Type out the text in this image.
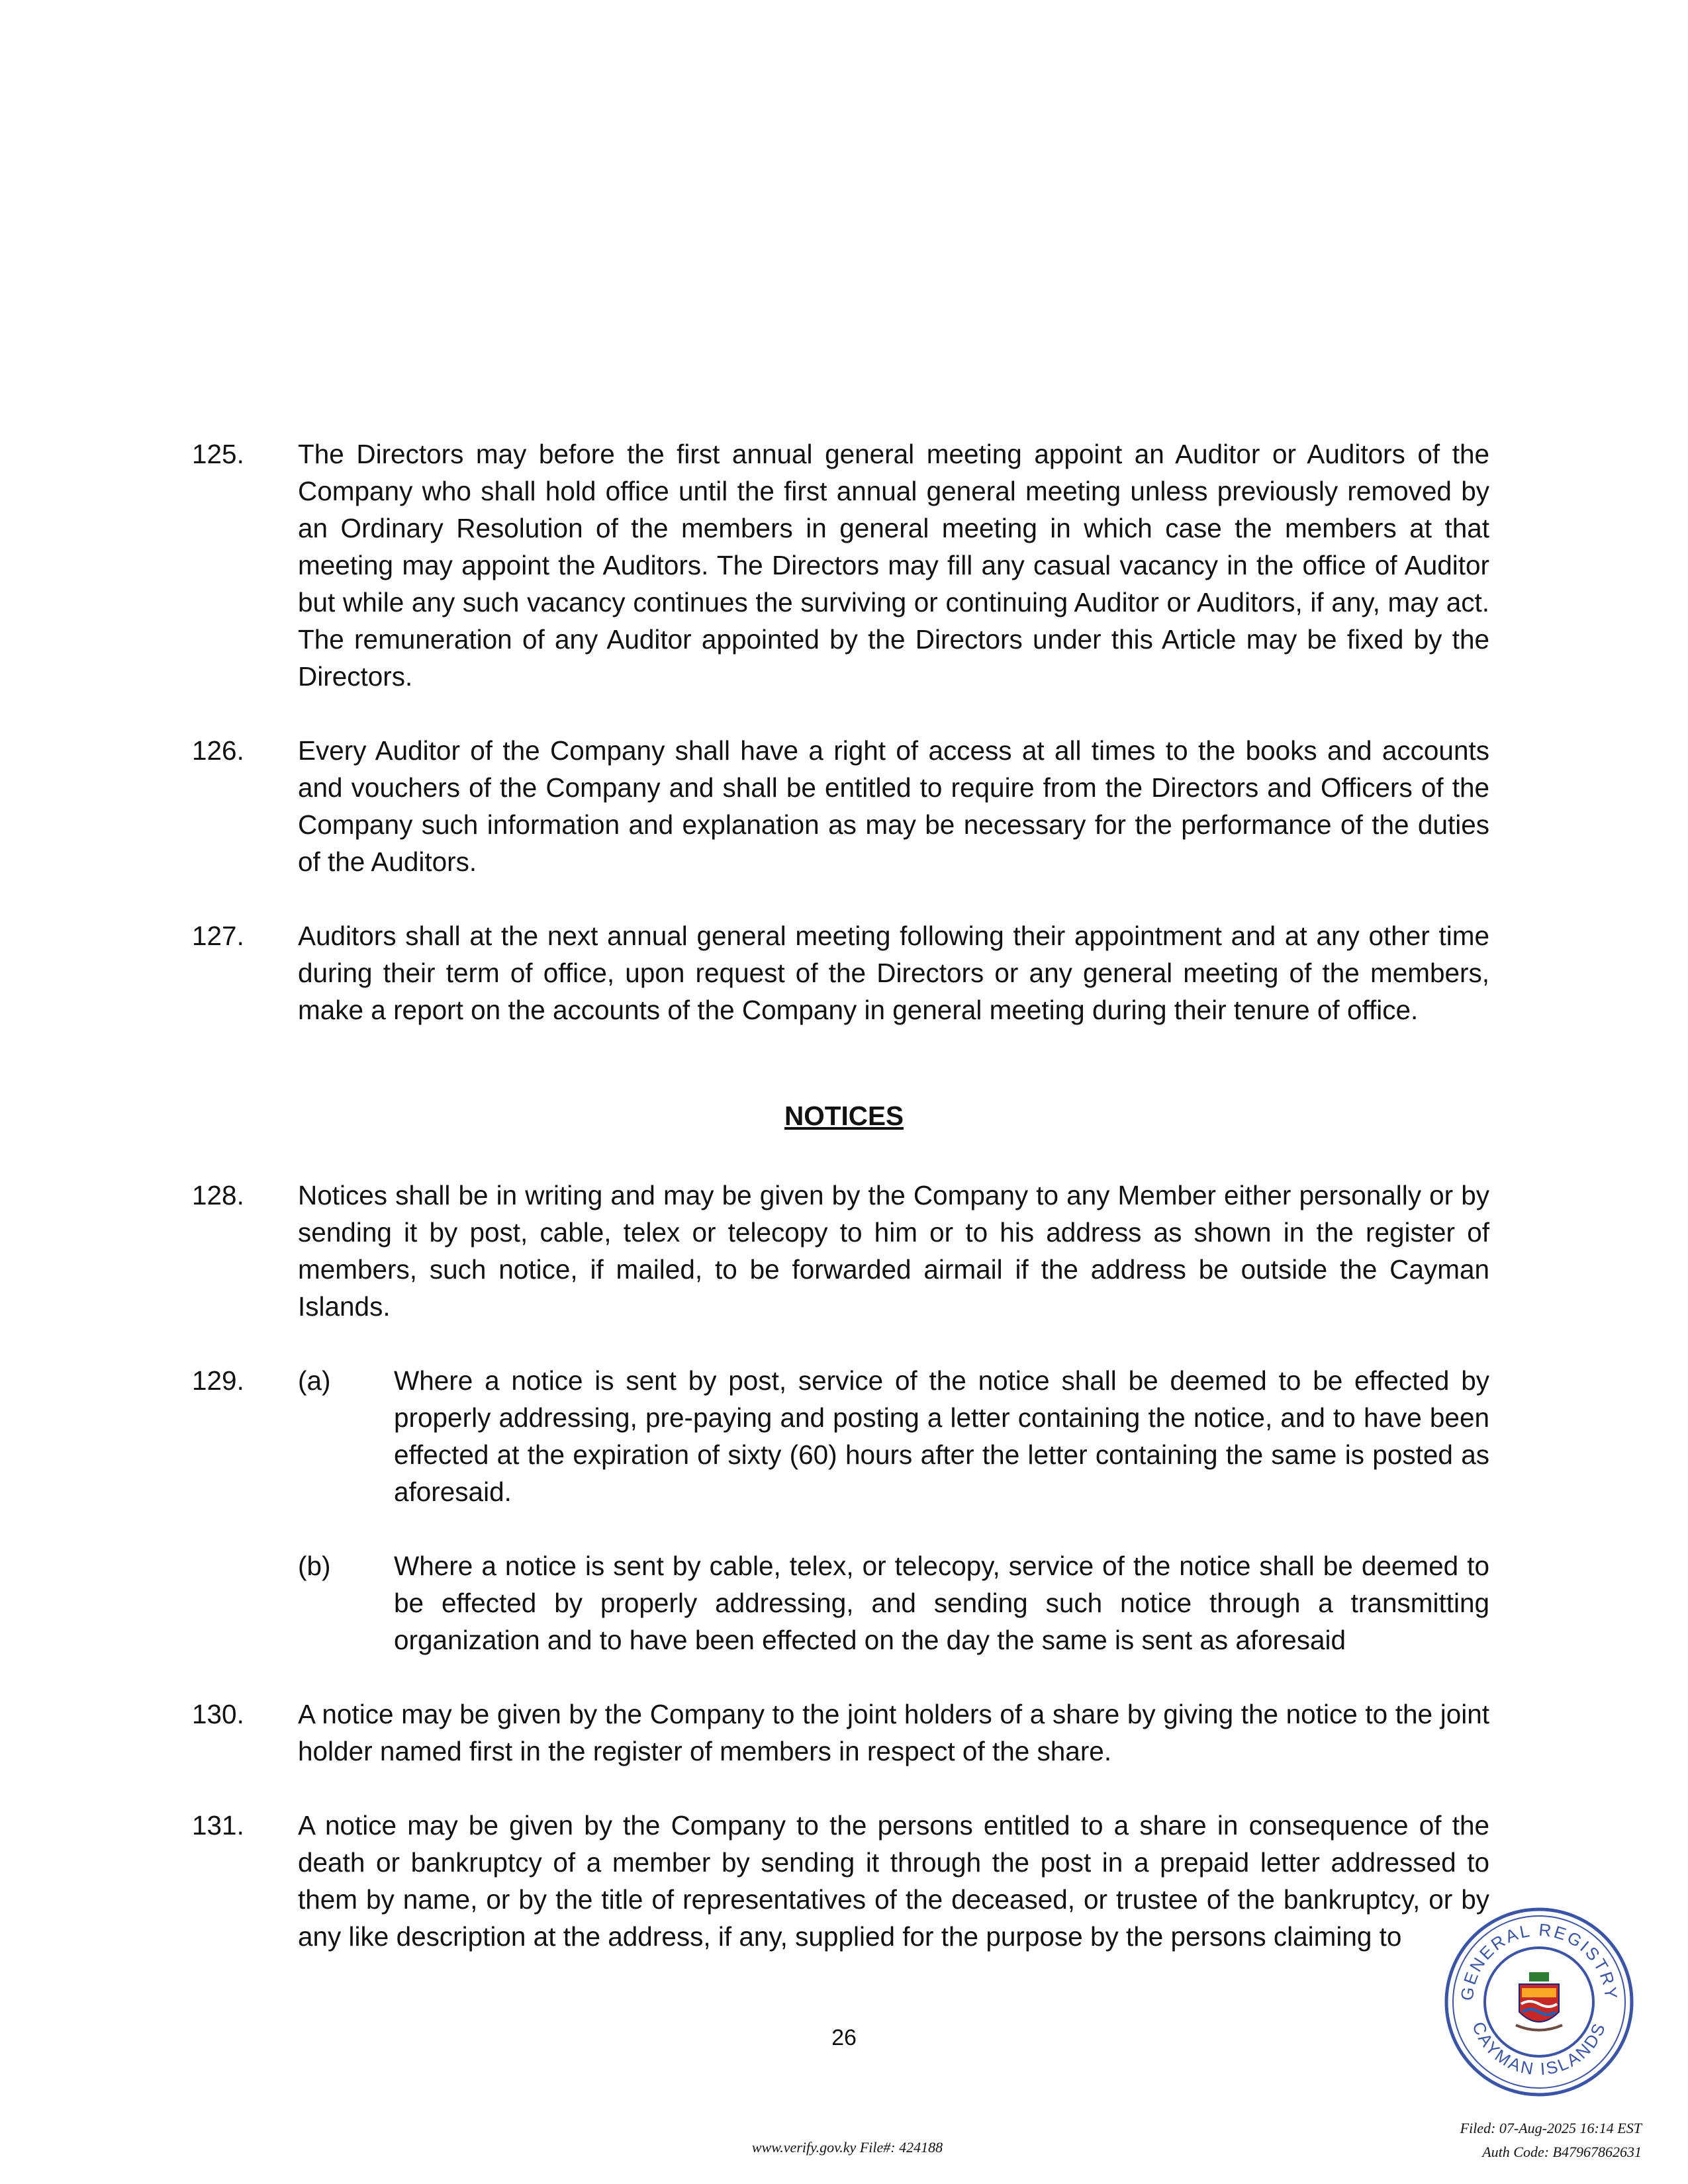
125. The Directors may before the first annual general meeting appoint an Auditor or Auditors of the Company who shall hold office until the first annual general meeting unless previously removed by an Ordinary Resolution of the members in general meeting in which case the members at that meeting may appoint the Auditors. The Directors may fill any casual vacancy in the office of Auditor but while any such vacancy continues the surviving or continuing Auditor or Auditors, if any, may act. The remuneration of any Auditor appointed by the Directors under this Article may be fixed by the Directors.
126. Every Auditor of the Company shall have a right of access at all times to the books and accounts and vouchers of the Company and shall be entitled to require from the Directors and Officers of the Company such information and explanation as may be necessary for the performance of the duties of the Auditors.
127. Auditors shall at the next annual general meeting following their appointment and at any other time during their term of office, upon request of the Directors or any general meeting of the members, make a report on the accounts of the Company in general meeting during their tenure of office.
NOTICES
128. Notices shall be in writing and may be given by the Company to any Member either personally or by sending it by post, cable, telex or telecopy to him or to his address as shown in the register of members, such notice, if mailed, to be forwarded airmail if the address be outside the Cayman Islands.
129. (a) Where a notice is sent by post, service of the notice shall be deemed to be effected by properly addressing, pre-paying and posting a letter containing the notice, and to have been effected at the expiration of sixty (60) hours after the letter containing the same is posted as aforesaid.
(b) Where a notice is sent by cable, telex, or telecopy, service of the notice shall be deemed to be effected by properly addressing, and sending such notice through a transmitting organization and to have been effected on the day the same is sent as aforesaid
130. A notice may be given by the Company to the joint holders of a share by giving the notice to the joint holder named first in the register of members in respect of the share.
131. A notice may be given by the Company to the persons entitled to a share in consequence of the death or bankruptcy of a member by sending it through the post in a prepaid letter addressed to them by name, or by the title of representatives of the deceased, or trustee of the bankruptcy, or by any like description at the address, if any, supplied for the purpose by the persons claiming to
26
GENERAL REGISTRY
CAYMAN ISLANDS
www.verify.gov.ky File#: 424188
Filed: 07-Aug-2025 16:14 EST
Auth Code: B47967862631
